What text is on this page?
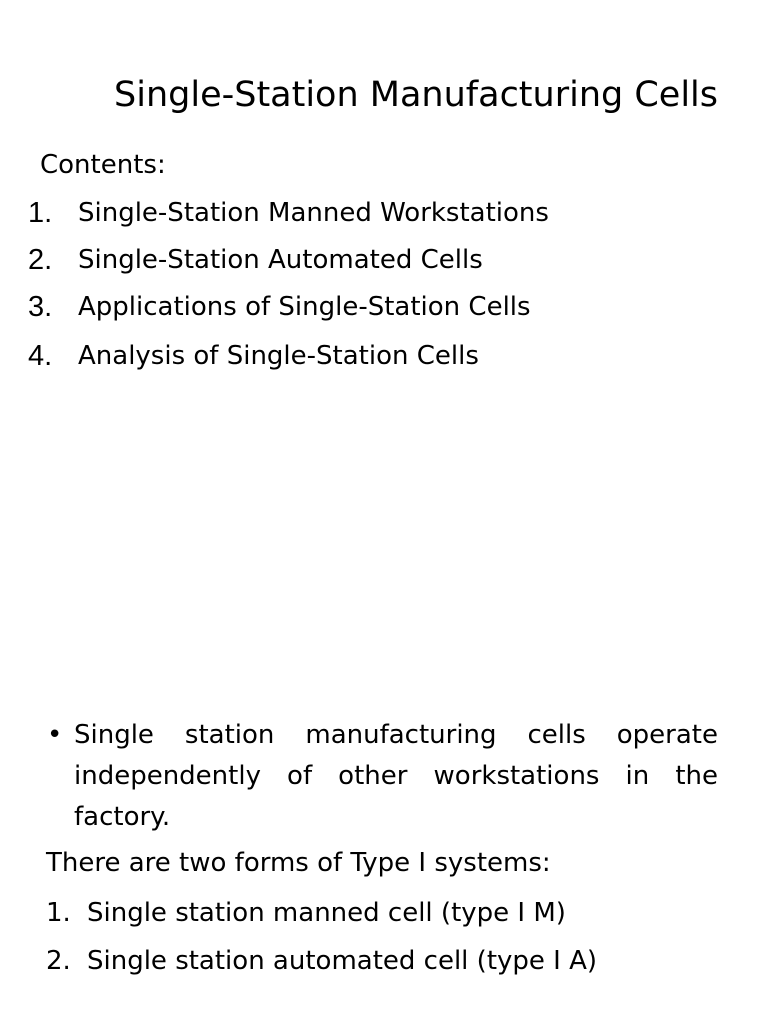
Single-Station Manufacturing Cells
Contents:
1. Single-Station Manned Workstations
2. Single-Station Automated Cells
3. Applications of Single-Station Cells
4. Analysis of Single-Station Cells
• Single station manufacturing cells operate independently of other workstations in the factory.
There are two forms of Type I systems:
1. Single station manned cell (type I M)
2. Single station automated cell (type I A)
